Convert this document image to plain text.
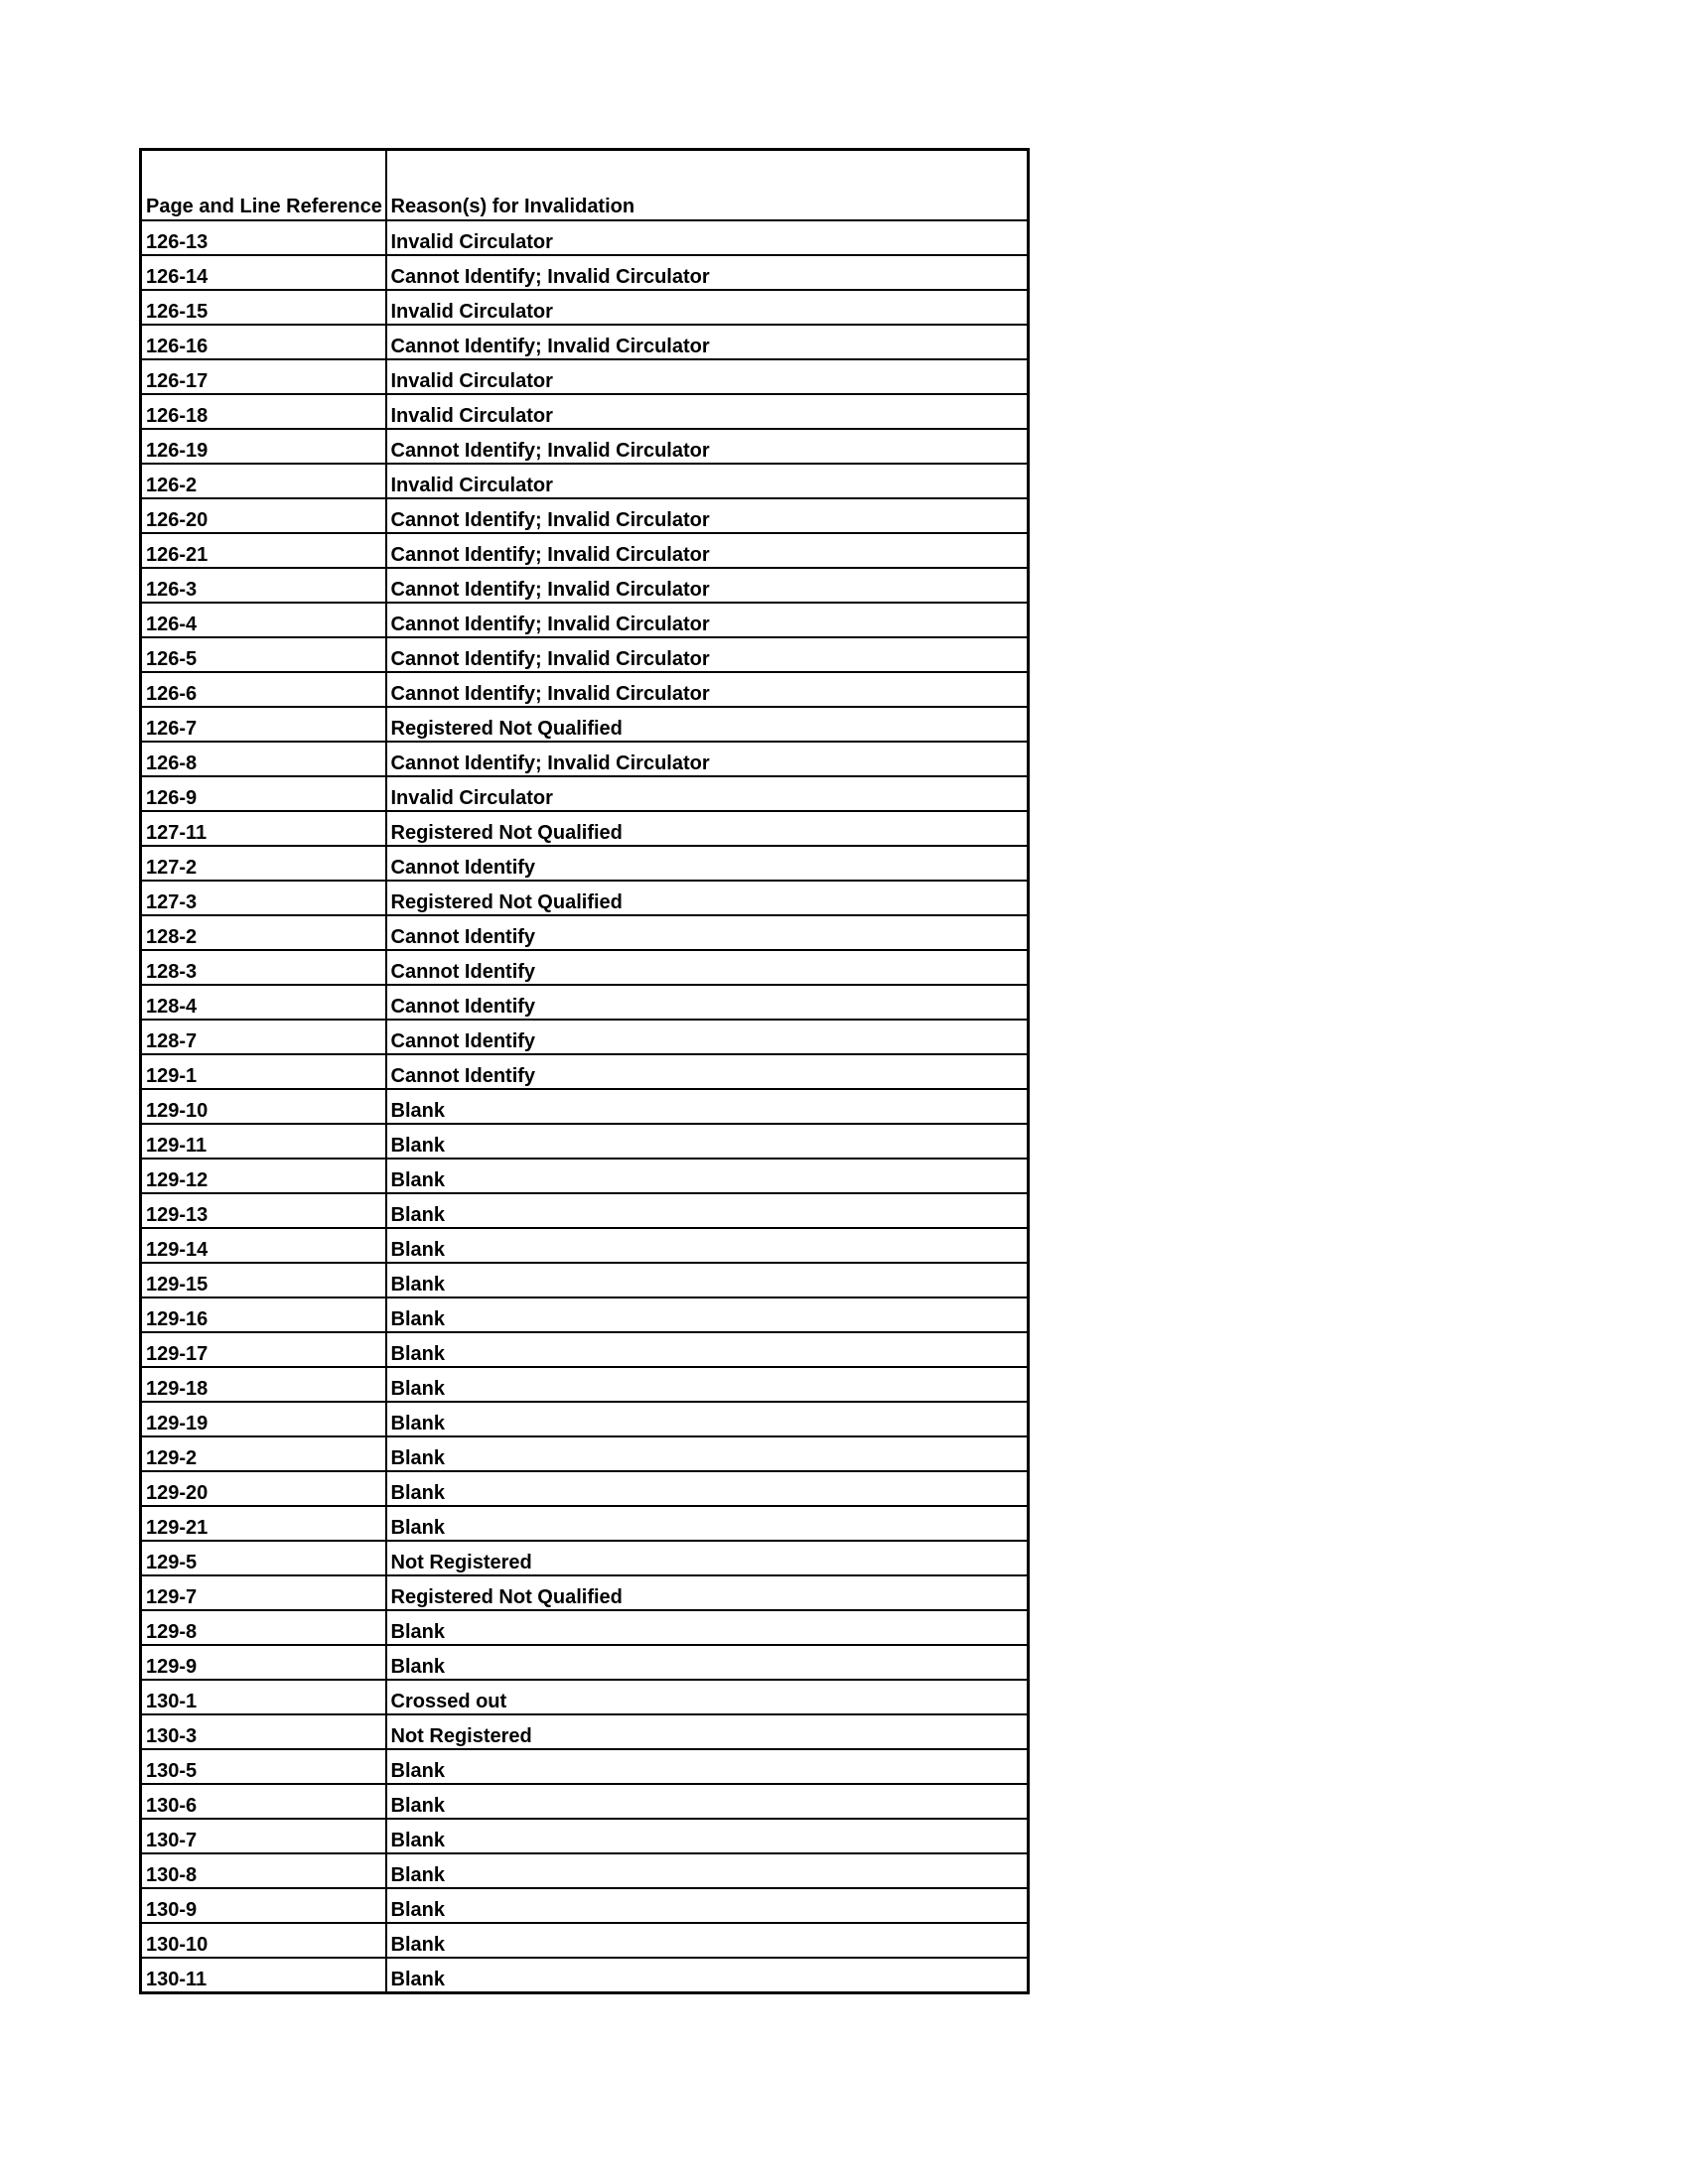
Page and Line Reference	Reason(s) for Invalidation
126-13	Invalid Circulator
126-14	Cannot Identify; Invalid Circulator
126-15	Invalid Circulator
126-16	Cannot Identify; Invalid Circulator
126-17	Invalid Circulator
126-18	Invalid Circulator
126-19	Cannot Identify; Invalid Circulator
126-2	Invalid Circulator
126-20	Cannot Identify; Invalid Circulator
126-21	Cannot Identify; Invalid Circulator
126-3	Cannot Identify; Invalid Circulator
126-4	Cannot Identify; Invalid Circulator
126-5	Cannot Identify; Invalid Circulator
126-6	Cannot Identify; Invalid Circulator
126-7	Registered Not Qualified
126-8	Cannot Identify; Invalid Circulator
126-9	Invalid Circulator
127-11	Registered Not Qualified
127-2	Cannot Identify
127-3	Registered Not Qualified
128-2	Cannot Identify
128-3	Cannot Identify
128-4	Cannot Identify
128-7	Cannot Identify
129-1	Cannot Identify
129-10	Blank
129-11	Blank
129-12	Blank
129-13	Blank
129-14	Blank
129-15	Blank
129-16	Blank
129-17	Blank
129-18	Blank
129-19	Blank
129-2	Blank
129-20	Blank
129-21	Blank
129-5	Not Registered
129-7	Registered Not Qualified
129-8	Blank
129-9	Blank
130-1	Crossed out
130-3	Not Registered
130-5	Blank
130-6	Blank
130-7	Blank
130-8	Blank
130-9	Blank
130-10	Blank
130-11	Blank
